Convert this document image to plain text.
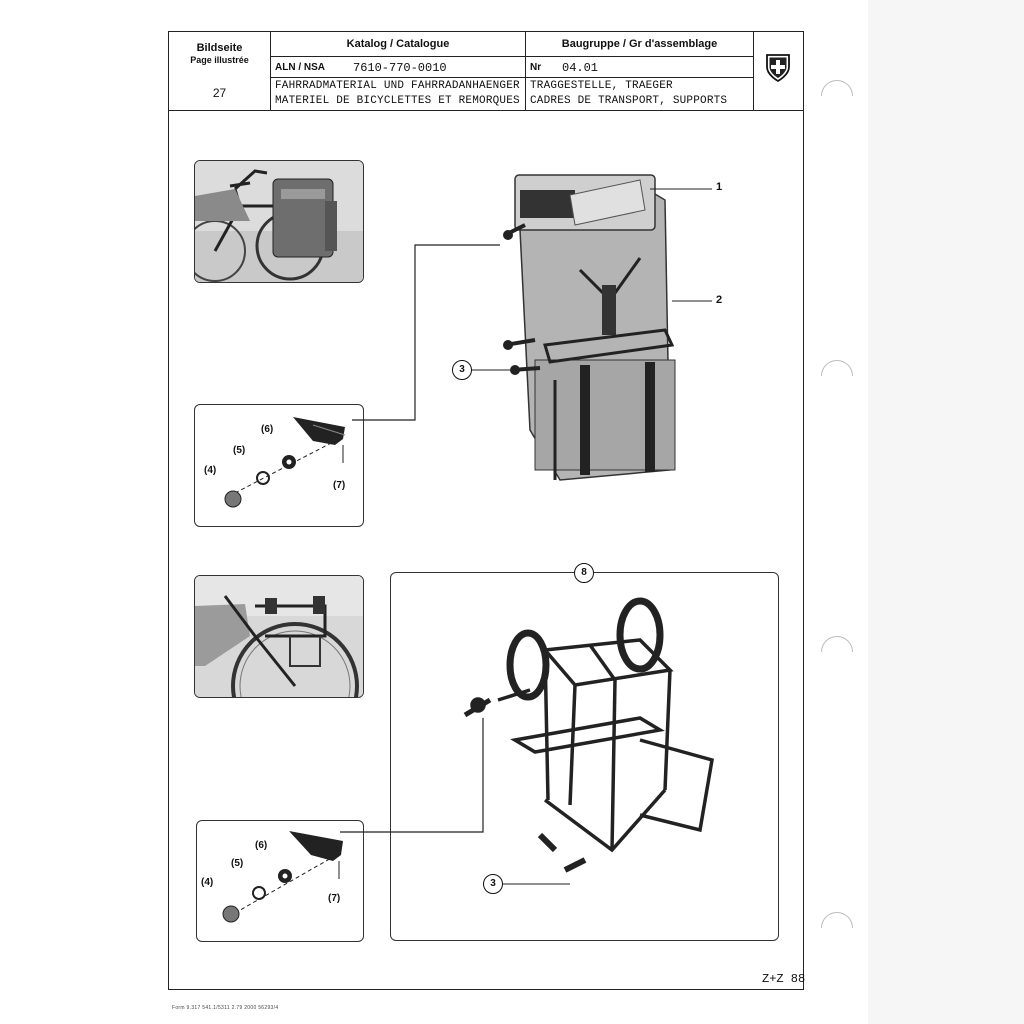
Bildseite
Page illustrée
27
Katalog / Catalogue
ALN / NSA 7610-770-0010
FAHRRADMATERIAL UND FAHRRADANHAENGER
MATERIEL DE BICYCLETTES ET REMORQUES
Baugruppe / Gr d'assemblage
Nr 04.01
TRAGGESTELLE, TRAEGER
CADRES DE TRANSPORT, SUPPORTS
(6)
(5)
(4)
(7)
(6)
(5)
(4)
(7)
1
2
3
8
3
Z+Z 88
Form 9.317 541.1/5311 2.79 2000 56293/4
